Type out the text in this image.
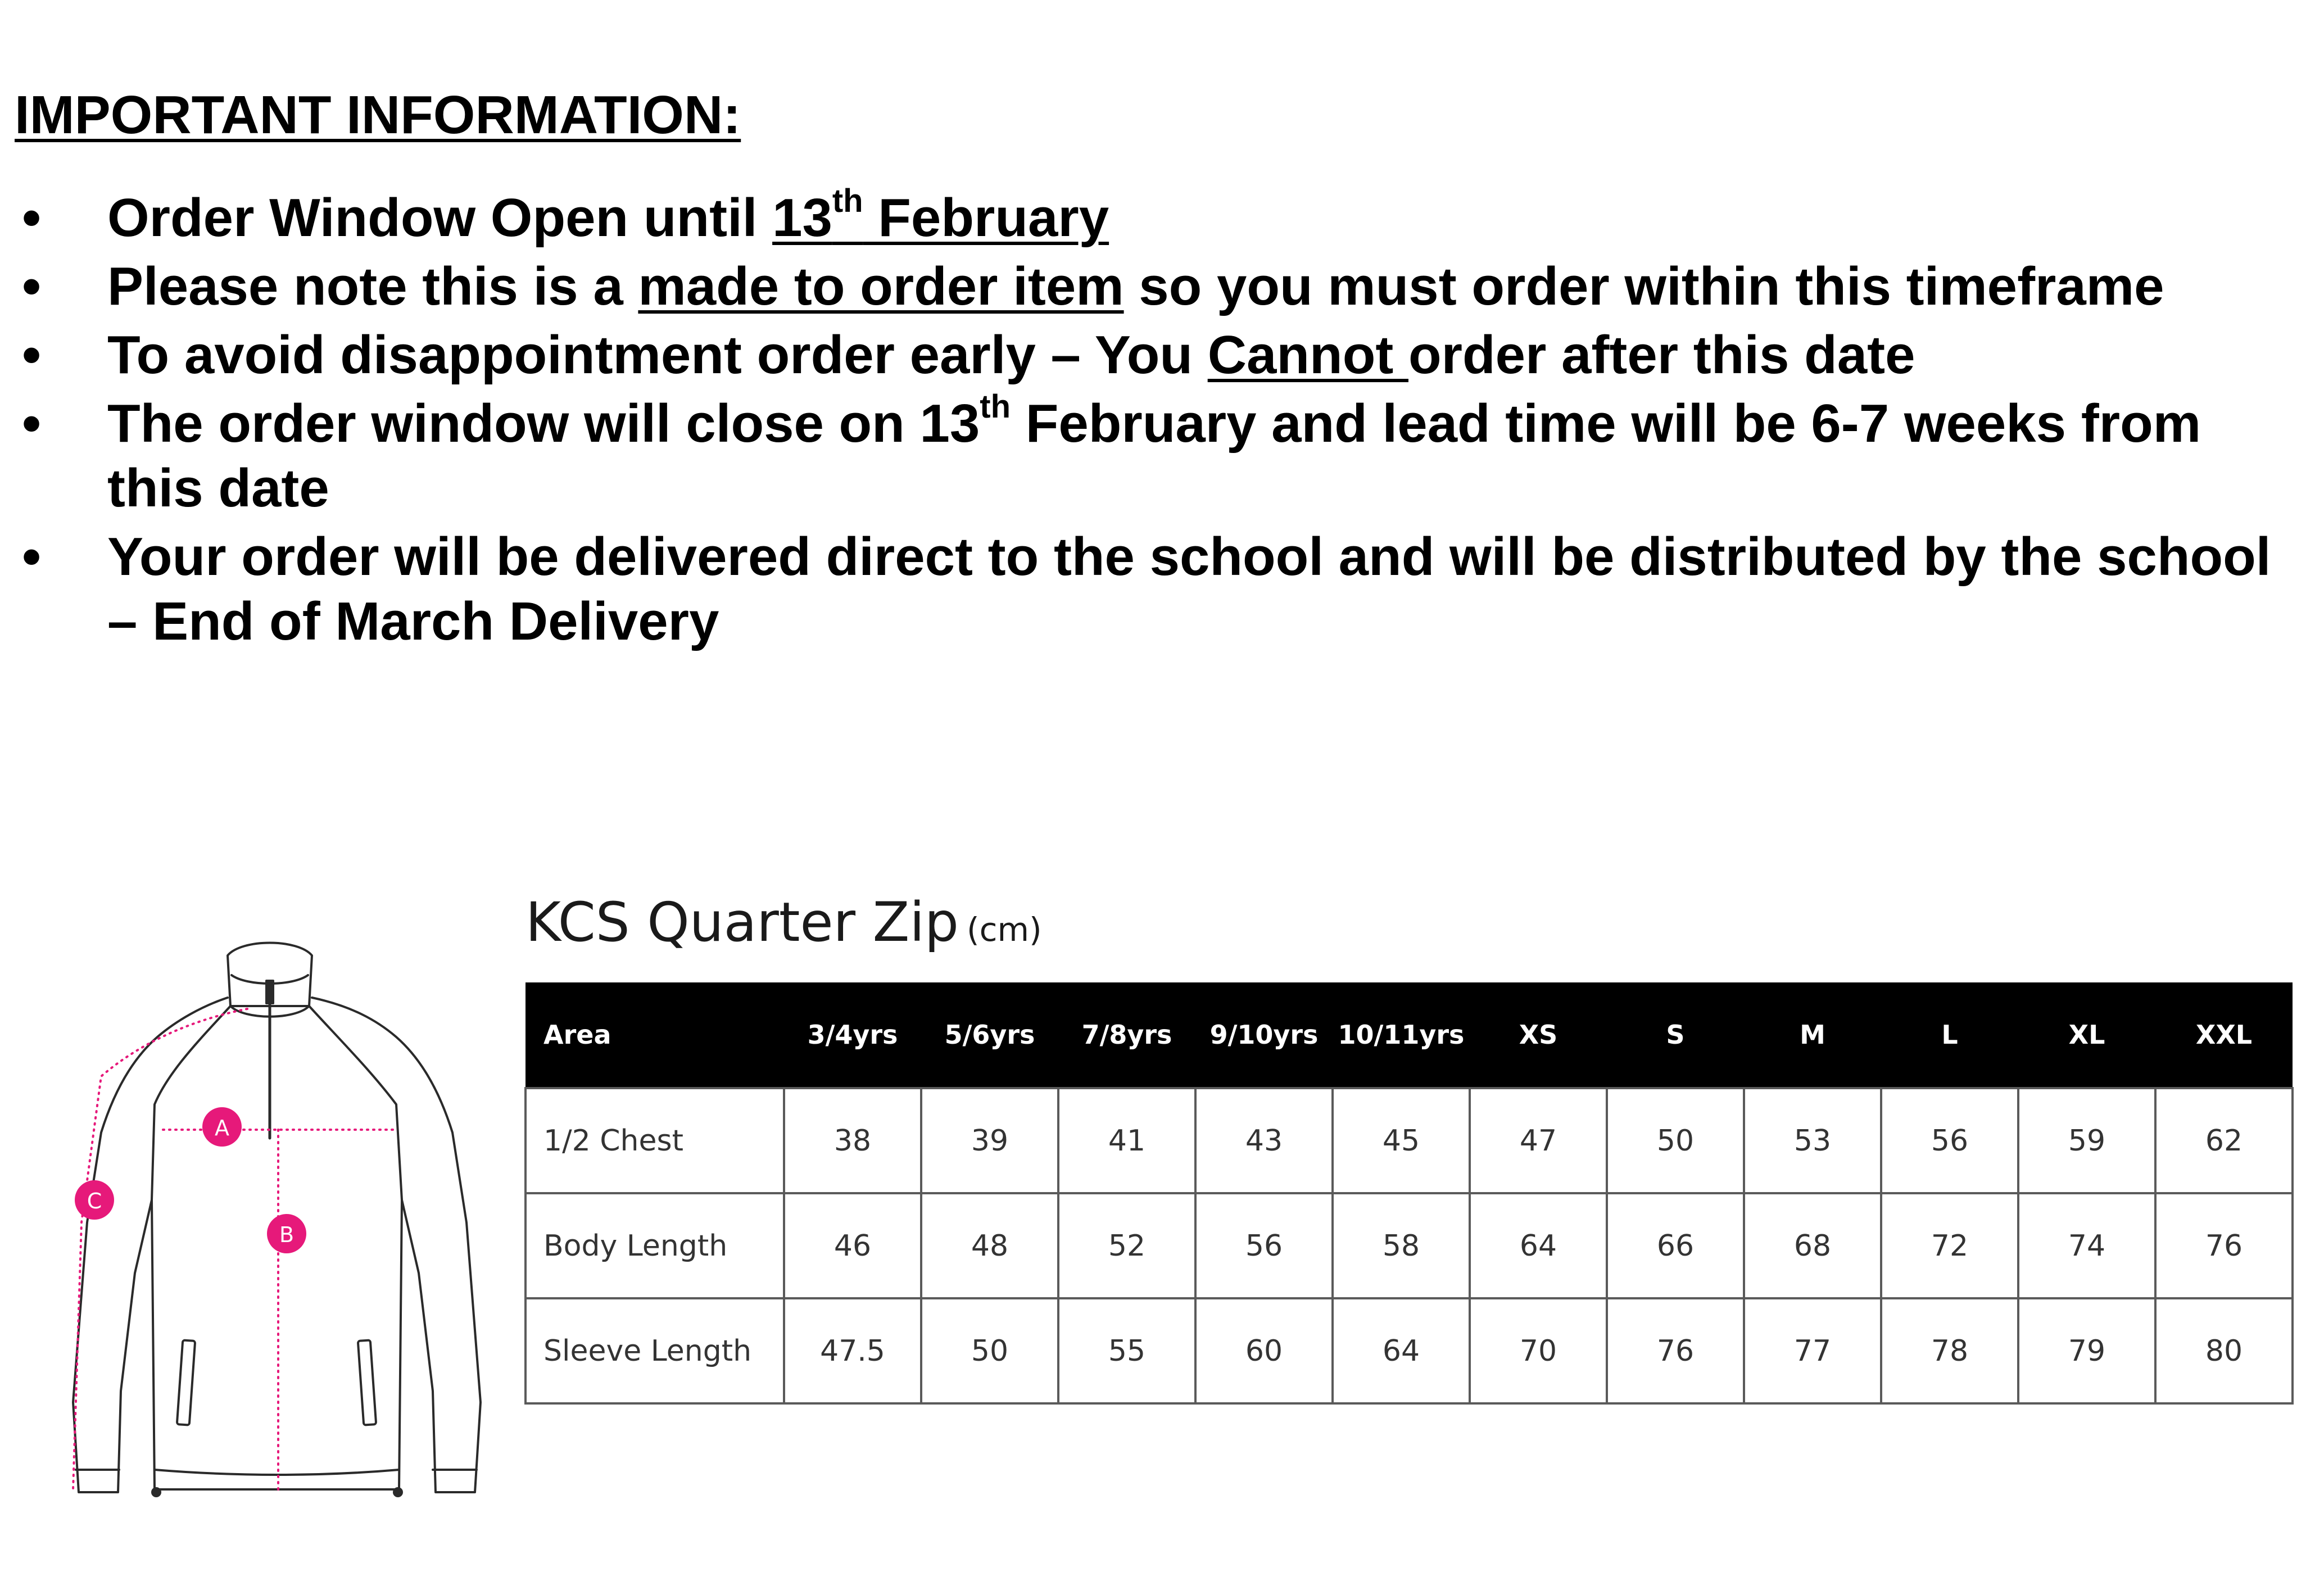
IMPORTANT INFORMATION:
• Order Window Open until 13th February
• Please note this is a made to order item so you must order within this timeframe
• To avoid disappointment order early – You Cannot order after this date
• The order window will close on 13th February and lead time will be 6-7 weeks from this date
• Your order will be delivered direct to the school and will be distributed by the school – End of March Delivery
A
B
C
KCS Quarter Zip (cm)
Area	3/4yrs	5/6yrs	7/8yrs	9/10yrs	10/11yrs	XS	S	M	L	XL	XXL
1/2 Chest	38	39	41	43	45	47	50	53	56	59	62
Body Length	46	48	52	56	58	64	66	68	72	74	76
Sleeve Length	47.5	50	55	60	64	70	76	77	78	79	80
